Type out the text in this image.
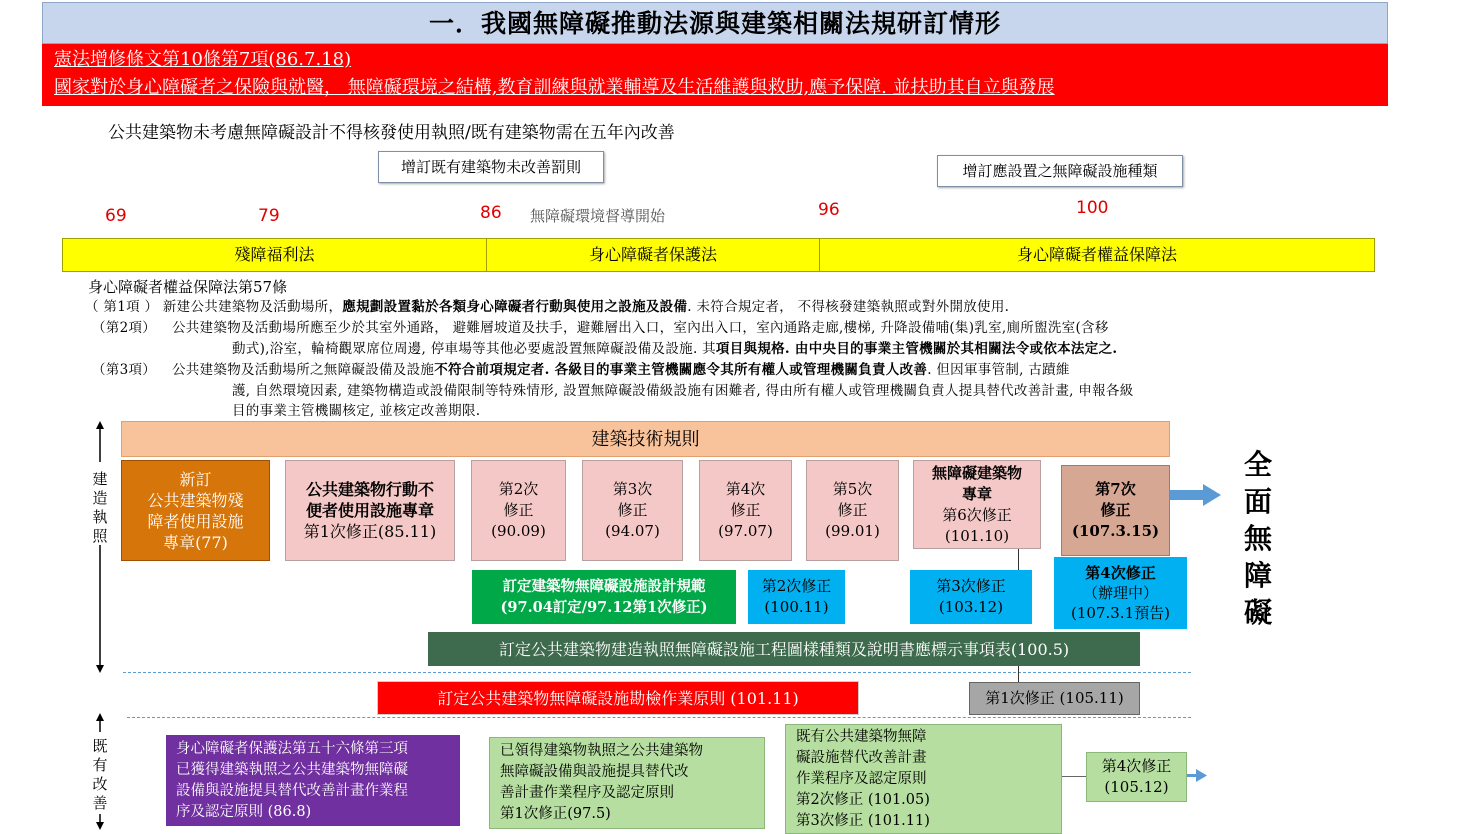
一．我國無障礙推動法源與建築相關法規研訂情形
憲法增修條文第10條第7項(86.7.18)
國家對於身心障礙者之保險與就醫， 無障礙環境之結構,教育訓練與就業輔導及生活維護與救助,應予保障. 並扶助其自立與發展
公共建築物未考慮無障礙設計不得核發使用執照/既有建築物需在五年內改善
增訂既有建築物未改善罰則	增訂應設置之無障礙設施種類
69	79	86	96	100
無障礙環境督導開始
殘障福利法	身心障礙者保護法	身心障礙者權益保障法
身心障礙者權益保障法第57條
（ 第1項 ） 新建公共建築物及活動場所，應規劃設置黏於各類身心障礙者行動與使用之設施及設備. 未符合規定者， 不得核發建築執照或對外開放使用.
（第2項） 公共建築物及活動場所應至少於其室外通路， 避難層坡道及扶手，避難層出入口，室內出入口，室內通路走廊,樓梯, 升降設備哺(集)乳室,廁所盥洗室(含移
動式),浴室，輪椅觀眾席位周邊, 停車場等其他必要處設置無障礙設備及設施. 其項目與規格. 由中央目的事業主管機關於其相關法令或依本法定之.
（第3項） 公共建築物及活動場所之無障礙設備及設施不符合前項規定者. 各級目的事業主管機關應令其所有權人或管理機關負責人改善. 但因軍事管制, 古蹟維
護, 自然環境因素, 建築物構造或設備限制等特殊情形, 設置無障礙設備級設施有困難者, 得由所有權人或管理機關負責人提具替代改善計畫, 申報各級
目的事業主管機關核定, 並核定改善期限.
建
造
執
照
建築技術規則
新訂
公共建築物殘
障者使用設施
專章(77)
公共建築物行動不
便者使用設施專章
第1次修正(85.11)
第2次
修正
(90.09)
第3次
修正
(94.07)
第4次
修正
(97.07)
第5次
修正
(99.01)
無障礙建築物
專章
第6次修正
(101.10)
第7次
修正
(107.3.15)
全
面
無
障
礙
訂定建築物無障礙設施設計規範
(97.04訂定/97.12第1次修正)
第2次修正
(100.11)
第3次修正
(103.12)
第4次修正
（辦理中）
(107.3.1預告)
訂定公共建築物建造執照無障礙設施工程圖樣種類及說明書應標示事項表(100.5)
訂定公共建築物無障礙設施勘檢作業原則 (101.11)	第1次修正 (105.11)
既
有
改
善
身心障礙者保護法第五十六條第三項
已獲得建築執照之公共建築物無障礙
設備與設施提具替代改善計畫作業程
序及認定原則 (86.8)
已領得建築物執照之公共建築物
無障礙設備與設施提具替代改
善計畫作業程序及認定原則
第1次修正(97.5)
既有公共建築物無障
礙設施替代改善計畫
作業程序及認定原則
第2次修正 (101.05)
第3次修正 (101.11)
第4次修正
(105.12)
